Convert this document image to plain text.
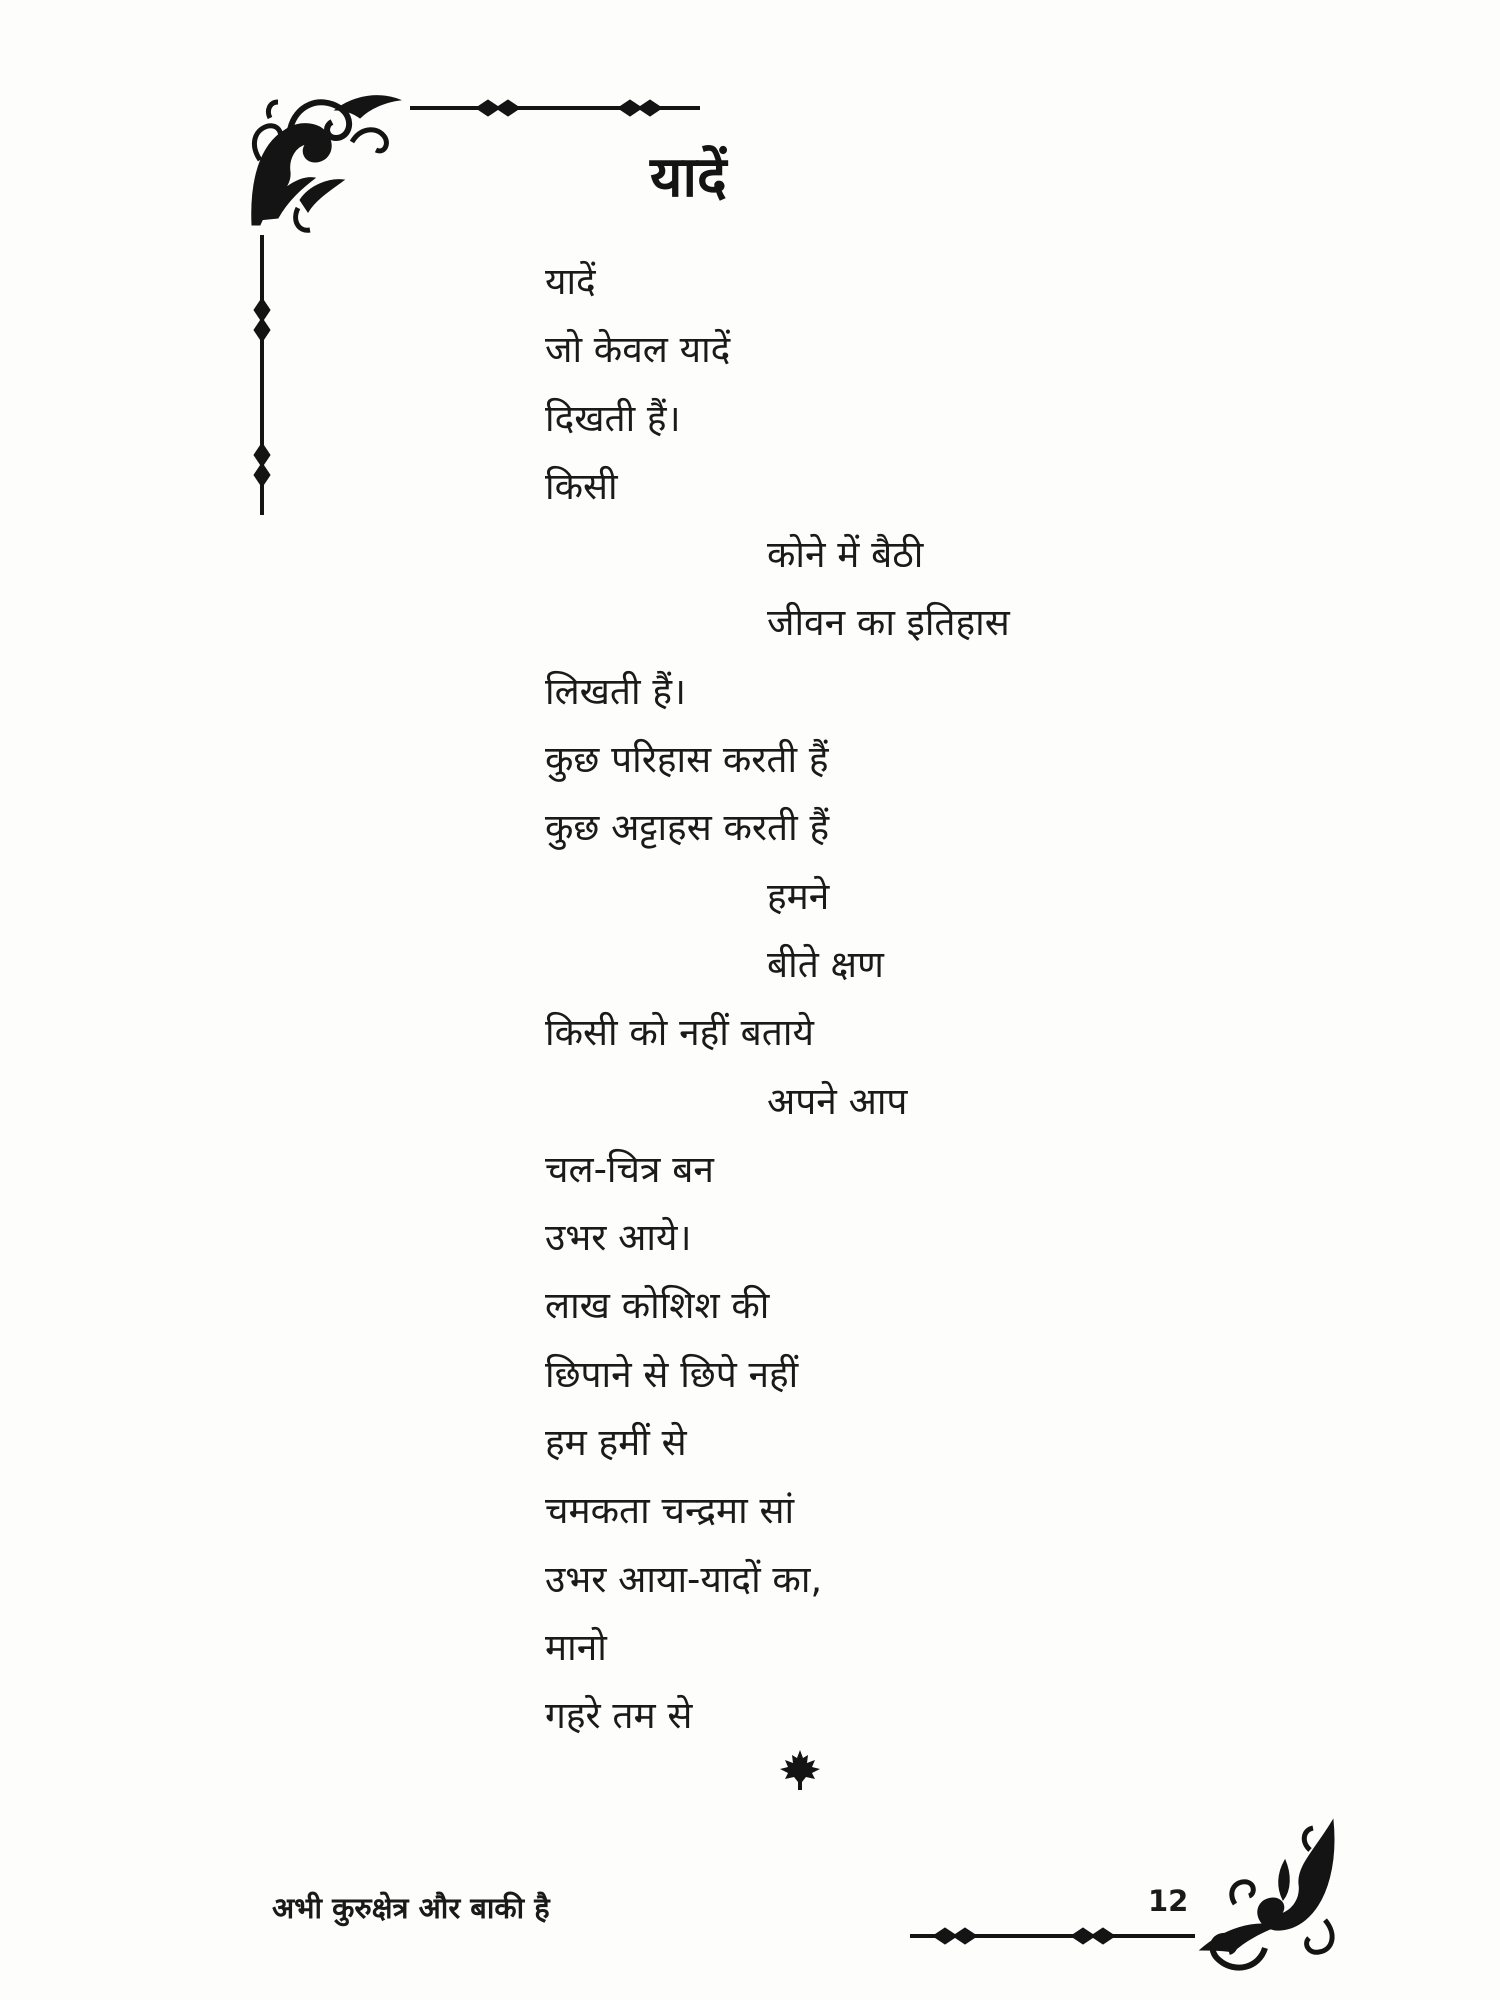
यादें
यादें
जो केवल यादें
दिखती हैं।
किसी
कोने में बैठी
जीवन का इतिहास
लिखती हैं।
कुछ परिहास करती हैं
कुछ अट्टाहस करती हैं
हमने
बीते क्षण
किसी को नहीं बताये
अपने आप
चल-चित्र बन
उभर आये।
लाख कोशिश की
छिपाने से छिपे नहीं
हम हमीं से
चमकता चन्द्रमा सां
उभर आया-यादों का,
मानो
गहरे तम से
अभी कुरुक्षेत्र और बाकी है	12
